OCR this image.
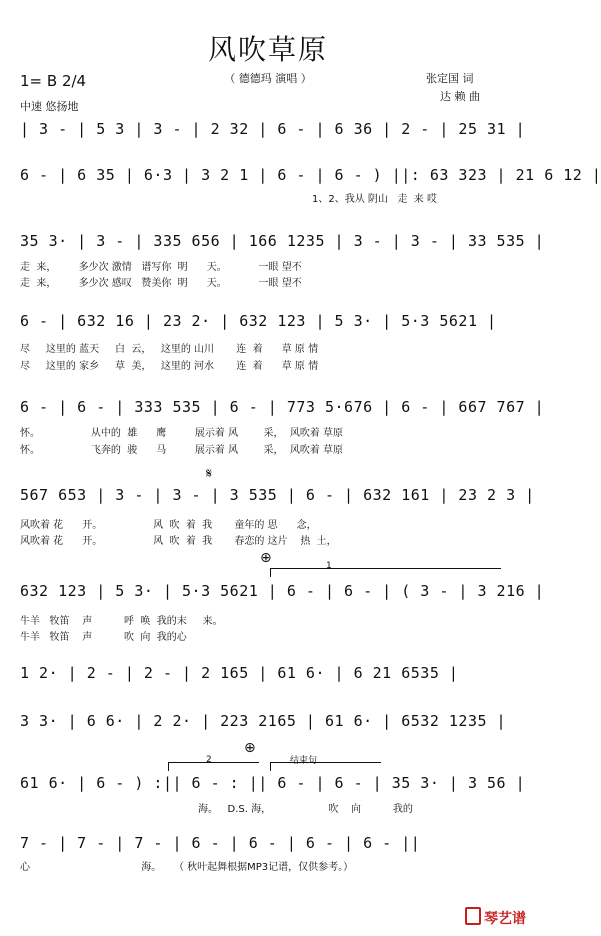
风吹草原
（ 德德玛 演唱 ）
1= B 2/4
中速 悠扬地
张定国 词
达 赖 曲
| 3 - | 5 3 | 3 - | 2 32 | 6 - | 6 36 | 2 - | 25 31 |
6 - | 6 35 | 6·3 | 3 2 1 | 6 - | 6 - ) ||: 63 323 | 21 6 12 |
1、2、我从 阴山   走  来 哎
35 3· | 3 - | 335 656 | 166 1235 | 3 - | 3 - | 33 535 |
走  来，       多少次 激情   谱写你  明      天。          一眼 望不
走  来，       多少次 感叹   赞美你  明      天。          一眼 望不
6 - | 632 16 | 23 2· | 632 123 | 5 3· | 5·3 5621 |
尽     这里的 蓝天     白  云，   这里的 山川       连  着      草 原 情
尽     这里的 家乡     草  美，   这里的 河水       连  着      草 原 情
6 - | 6 - | 333 535 | 6 - | 773 5·676 | 6 - | 667 767 |
怀。                从中的  雄      鹰         展示着 风        采，  风吹着 草原
怀。                飞奔的  骏      马         展示着 风        采，  风吹着 草原
𝄋
567 653 | 3 - | 3 - | 3 535 | 6 - | 632 161 | 23 2 3 |
风吹着 花      开。                风  吹  着  我       童年的 思      念，
风吹着 花      开。                风  吹  着  我       春恋的 这片    热  土，
⊕	1
632 123 | 5 3· | 5·3 5621 | 6 - | 6 - | ( 3 - | 3 216 |
牛羊   牧笛    声          呼  唤  我的末     来。
牛羊   牧笛    声          吹  向  我的心
1 2· | 2 - | 2 - | 2 165 | 61 6· | 6 21 6535 |
3 3· | 6 6· | 2 2· | 223 2165 | 61 6· | 6532 1235 |
⊕
2	结束句
61 6· | 6 - ) :|| 6 - : || 6 - | 6 - | 35 3· | 3 56 |
海。   D.S. 海，                  吹    向          我的
7 - | 7 - | 7 - | 6 - | 6 - | 6 - | 6 - ||
心                                   海。    （ 秋叶起舞根据MP3记谱，仅供参考。）
琴艺谱
